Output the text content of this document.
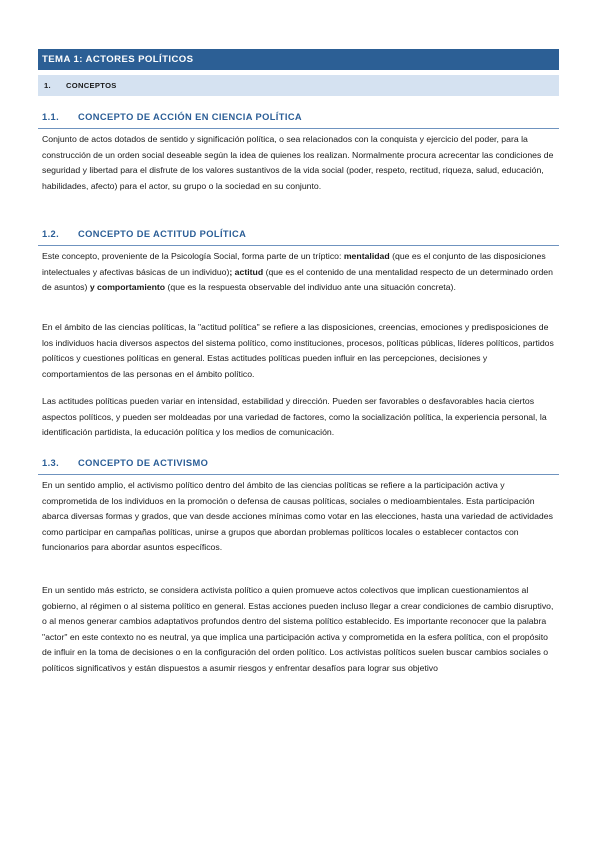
TEMA 1: ACTORES POLÍTICOS
1. CONCEPTOS
1.1. CONCEPTO DE ACCIÓN EN CIENCIA POLÍTICA

Conjunto de actos dotados de sentido y significación política, o sea relacionados con la conquista y ejercicio del poder, para la construcción de un orden social deseable según la idea de quienes los realizan. Normalmente procura acrecentar las condiciones de seguridad y libertad para el disfrute de los valores sustantivos de la vida social (poder, respeto, rectitud, riqueza, salud, educación, habilidades, afecto) para el actor, su grupo o la sociedad en su conjunto.

1.2. CONCEPTO DE ACTITUD POLÍTICA

Este concepto, proveniente de la Psicología Social, forma parte de un tríptico: mentalidad (que es el conjunto de las disposiciones intelectuales y afectivas básicas de un individuo); actitud (que es el contenido de una mentalidad respecto de un determinado orden de asuntos) y comportamiento (que es la respuesta observable del individuo ante una situación concreta).

En el ámbito de las ciencias políticas, la "actitud política" se refiere a las disposiciones, creencias, emociones y predisposiciones de los individuos hacia diversos aspectos del sistema político, como instituciones, procesos, políticas públicas, líderes políticos, partidos políticos y cuestiones políticas en general. Estas actitudes políticas pueden influir en las percepciones, decisiones y comportamientos de las personas en el ámbito político.

Las actitudes políticas pueden variar en intensidad, estabilidad y dirección. Pueden ser favorables o desfavorables hacia ciertos aspectos políticos, y pueden ser moldeadas por una variedad de factores, como la socialización política, la experiencia personal, la identificación partidista, la educación política y los medios de comunicación.

1.3. CONCEPTO DE ACTIVISMO

En un sentido amplio, el activismo político dentro del ámbito de las ciencias políticas se refiere a la participación activa y comprometida de los individuos en la promoción o defensa de causas políticas, sociales o medioambientales. Esta participación abarca diversas formas y grados, que van desde acciones mínimas como votar en las elecciones, hasta una variedad de actividades como participar en campañas políticas, unirse a grupos que abordan problemas políticos locales o establecer contactos con funcionarios para abordar asuntos específicos.

En un sentido más estricto, se considera activista político a quien promueve actos colectivos que implican cuestionamientos al gobierno, al régimen o al sistema político en general. Estas acciones pueden incluso llegar a crear condiciones de cambio disruptivo, o al menos generar cambios adaptativos profundos dentro del sistema político establecido. Es importante reconocer que la palabra "actor" en este contexto no es neutral, ya que implica una participación activa y comprometida en la esfera política, con el propósito de influir en la toma de decisiones o en la configuración del orden político. Los activistas políticos suelen buscar cambios sociales o políticos significativos y están dispuestos a asumir riesgos y enfrentar desafíos para lograr sus objetivo
